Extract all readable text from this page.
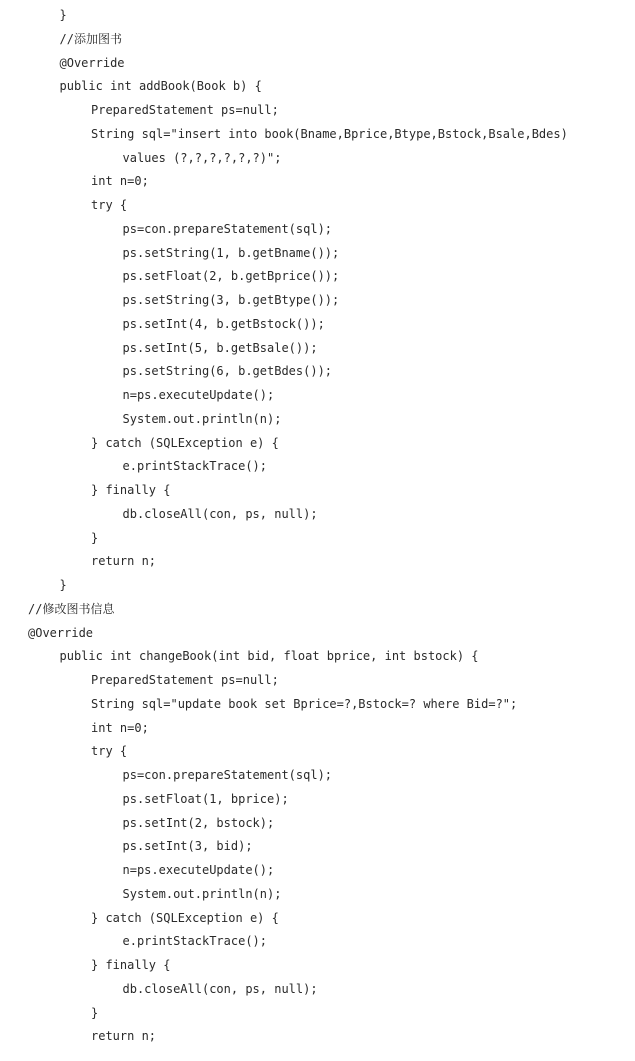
}
//添加图书
@Override
public int addBook(Book b) {
PreparedStatement ps=null;
String sql="insert into book(Bname,Bprice,Btype,Bstock,Bsale,Bdes)
values (?,?,?,?,?,?)";
int n=0;
try {
ps=con.prepareStatement(sql);
ps.setString(1, b.getBname());
ps.setFloat(2, b.getBprice());
ps.setString(3, b.getBtype());
ps.setInt(4, b.getBstock());
ps.setInt(5, b.getBsale());
ps.setString(6, b.getBdes());
n=ps.executeUpdate();
System.out.println(n);
} catch (SQLException e) {
e.printStackTrace();
} finally {
db.closeAll(con, ps, null);
}
return n;
}
//修改图书信息
@Override
public int changeBook(int bid, float bprice, int bstock) {
PreparedStatement ps=null;
String sql="update book set Bprice=?,Bstock=? where Bid=?";
int n=0;
try {
ps=con.prepareStatement(sql);
ps.setFloat(1, bprice);
ps.setInt(2, bstock);
ps.setInt(3, bid);
n=ps.executeUpdate();
System.out.println(n);
} catch (SQLException e) {
e.printStackTrace();
} finally {
db.closeAll(con, ps, null);
}
return n;
